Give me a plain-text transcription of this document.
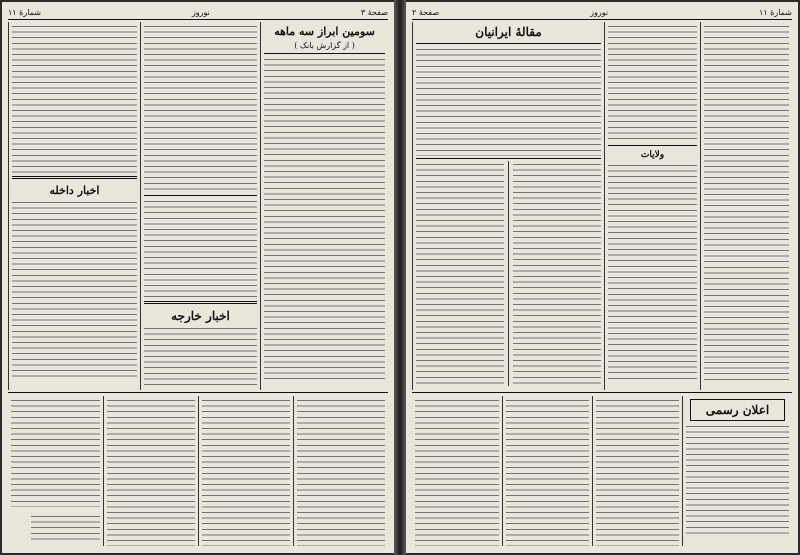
صفحهٔ ۳
نوروز
شمارهٔ ۱۱
سومین ابراز سه ماهه
( از گزارش بانک )
اخبار خارجه
اخبار داخله
شمارهٔ ۱۱
نوروز
صفحهٔ ۲
ولایات
مقالهٔ ایرانیان
اعلان رسمی
